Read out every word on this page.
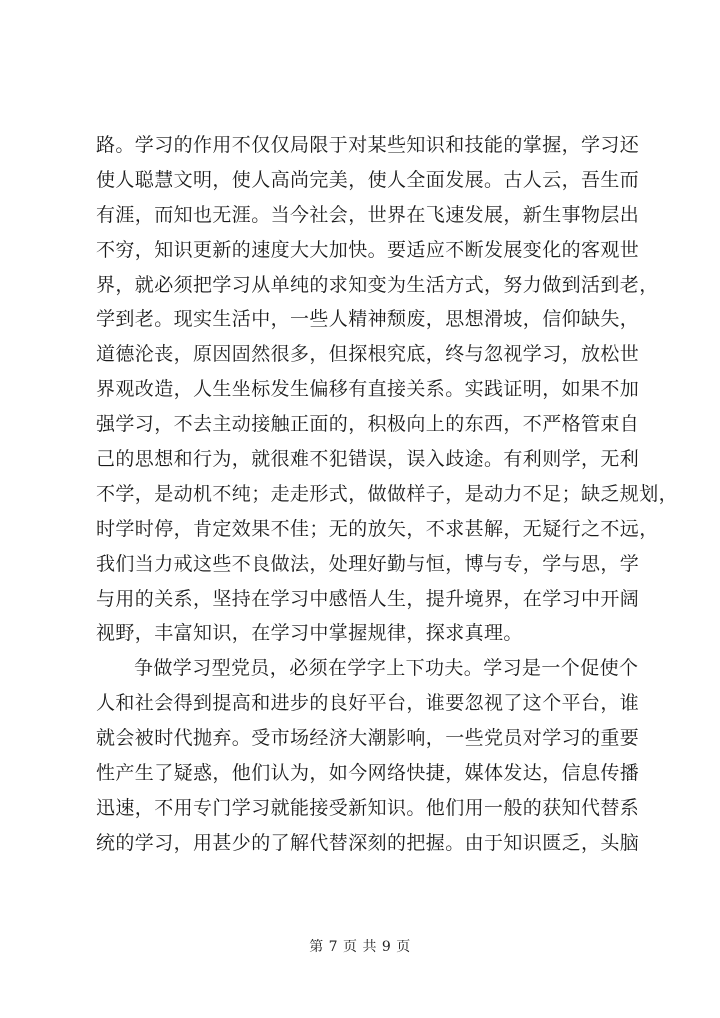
路。学习的作用不仅仅局限于对某些知识和技能的掌握，学习还
使人聪慧文明，使人高尚完美，使人全面发展。古人云，吾生而
有涯，而知也无涯。当今社会，世界在飞速发展，新生事物层出
不穷，知识更新的速度大大加快。要适应不断发展变化的客观世
界，就必须把学习从单纯的求知变为生活方式，努力做到活到老，
学到老。现实生活中，一些人精神颓废，思想滑坡，信仰缺失，
道德沦丧，原因固然很多，但探根究底，终与忽视学习，放松世
界观改造，人生坐标发生偏移有直接关系。实践证明，如果不加
强学习，不去主动接触正面的，积极向上的东西，不严格管束自
己的思想和行为，就很难不犯错误，误入歧途。有利则学，无利
不学，是动机不纯；走走形式，做做样子，是动力不足；缺乏规划，
时学时停，肯定效果不佳；无的放矢，不求甚解，无疑行之不远，
我们当力戒这些不良做法，处理好勤与恒，博与专，学与思，学
与用的关系，坚持在学习中感悟人生，提升境界，在学习中开阔
视野，丰富知识，在学习中掌握规律，探求真理。

争做学习型党员，必须在学字上下功夫。学习是一个促使个
人和社会得到提高和进步的良好平台，谁要忽视了这个平台，谁
就会被时代抛弃。受市场经济大潮影响，一些党员对学习的重要
性产生了疑惑，他们认为，如今网络快捷，媒体发达，信息传播
迅速，不用专门学习就能接受新知识。他们用一般的获知代替系
统的学习，用甚少的了解代替深刻的把握。由于知识匮乏，头脑

第 7 页 共 9 页
